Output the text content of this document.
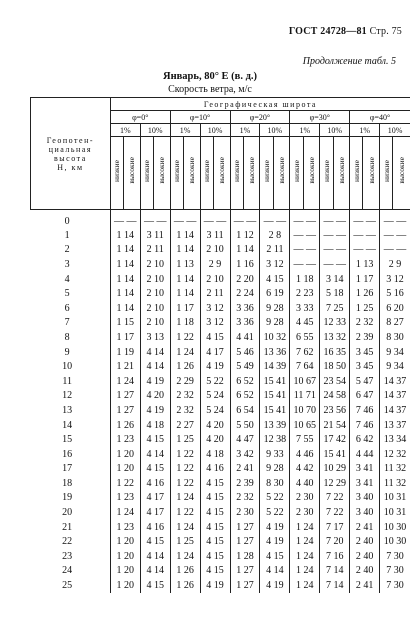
ГОСТ 24728—81 Стр. 75
Продолжение табл. 5
Январь, 80° Е (в. д.)
Скорость ветра, м/с
Геопотен-
циальная
высота
H, км	Географическая широта																			
	φ=0°				φ=10°				φ=20°				φ=30°				φ=40°			
	1%		10%		1%		10%		1%		10%		1%		10%		1%		10%	
	низкие	высокие	низкие	высокие	низкие	высокие	низкие	высокие	низкие	высокие	низкие	высокие	низкие	высокие	низкие	высокие	низкие	высокие	низкие	высокие
0	— —		— —		— —		— —		— —		— —		— —		— —		— —		— —	
1	1 14		3 11		1 14		3 11		1 12		2 8		— —		— —		— —		— —	
2	1 14		2 11		1 14		2 10		1 14		2 11		— —		— —		— —		— —	
3	1 14		2 10		1 13		2 9		1 16		3 12		— —		— —		1 13		2 9	
4	1 14		2 10		1 14		2 10		2 20		4 15		1 18		3 14		1 17		3 12	
5	1 14		2 10		1 14		2 11		2 24		6 19		2 23		5 18		1 26		5 16	
6	1 14		2 10		1 17		3 12		3 36		9 28		3 33		7 25		1 25		6 20	
7	1 15		2 10		1 18		3 12		3 36		9 28		4 45		12 33		2 32		8 27	
8	1 17		3 13		1 22		4 15		4 41		10 32		6 55		13 32		2 39		8 30	
9	1 19		4 14		1 24		4 17		5 46		13 36		7 62		16 35		3 45		9 34	
10	1 21		4 14		1 26		4 19		5 49		14 39		7 64		18 50		3 45		9 34	
11	1 24		4 19		2 29		5 22		6 52		15 41		10 67		23 54		5 47		14 37	
12	1 27		4 20		2 32		5 24		6 52		15 41		11 71		24 58		6 47		14 37	
13	1 27		4 19		2 32		5 24		6 54		15 41		10 70		23 56		7 46		14 37	
14	1 26		4 18		2 27		4 20		5 50		13 39		10 65		21 54		7 46		13 37	
15	1 23		4 15		1 25		4 20		4 47		12 38		7 55		17 42		6 42		13 34	
16	1 20		4 14		1 22		4 18		3 42		9 33		4 46		15 41		4 44		12 32	
17	1 20		4 15		1 22		4 16		2 41		9 28		4 42		10 29		3 41		11 32	
18	1 22		4 16		1 22		4 15		2 39		8 30		4 40		12 29		3 41		11 32	
19	1 23		4 17		1 24		4 15		2 32		5 22		2 30		7 22		3 40		10 31	
20	1 24		4 17		1 22		4 15		2 30		5 22		2 30		7 22		3 40		10 31	
21	1 23		4 16		1 24		4 15		1 27		4 19		1 24		7 17		2 41		10 30	
22	1 20		4 15		1 25		4 15		1 27		4 19		1 24		7 20		2 40		10 30	
23	1 20		4 14		1 24		4 15		1 28		4 15		1 24		7 16		2 40		7 30	
24	1 20		4 14		1 26		4 15		1 27		4 14		1 24		7 14		2 40		7 30	
25	1 20		4 15		1 26		4 19		1 27		4 19		1 24		7 14		2 41		7 30	
